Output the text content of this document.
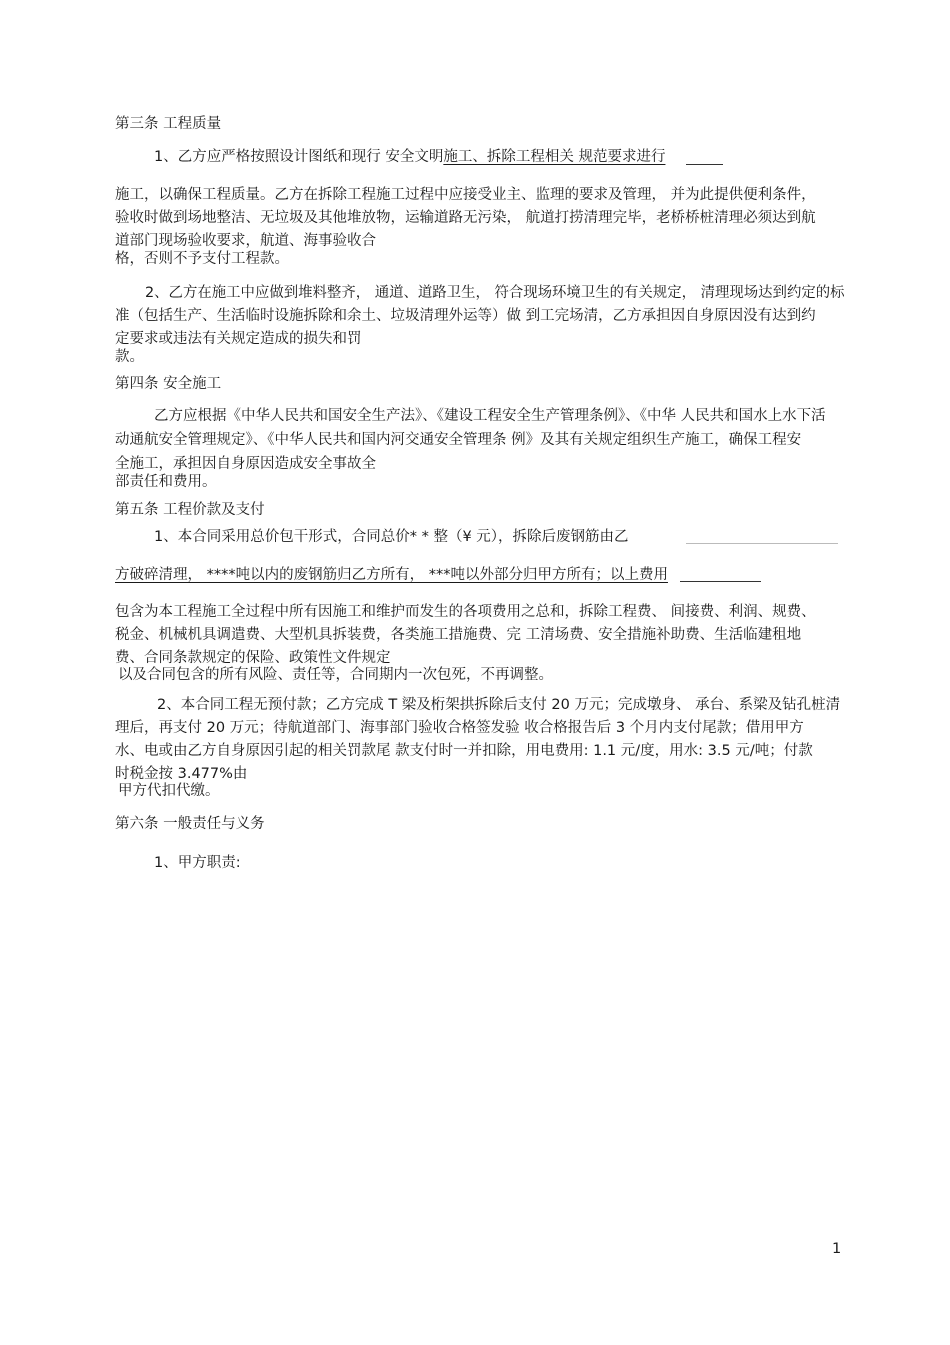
第三条 工程质量
1、乙方应严格按照设计图纸和现行 安全文明施工、拆除工程相关 规范要求进行
施工，以确保工程质量。乙方在拆除工程施工过程中应接受业主、监理的要求及管理， 并为此提供便利条件，
验收时做到场地整洁、无垃圾及其他堆放物，运输道路无污染， 航道打捞清理完毕，老桥桥桩清理必须达到航
道部门现场验收要求，航道、海事验收合
格，否则不予支付工程款。
2、乙方在施工中应做到堆料整齐， 通道、道路卫生， 符合现场环境卫生的有关规定， 清理现场达到约定的标
准（包括生产、生活临时设施拆除和余土、垃圾清理外运等）做 到工完场清，乙方承担因自身原因没有达到约
定要求或违法有关规定造成的损失和罚
款。
第四条 安全施工
乙方应根据《中华人民共和国安全生产法》、《建设工程安全生产管理条例》、《中华 人民共和国水上水下活
动通航安全管理规定》、《中华人民共和国内河交通安全管理条 例》及其有关规定组织生产施工，确保工程安
全施工，承担因自身原因造成安全事故全
部责任和费用。
第五条 工程价款及支付
1、本合同采用总价包干形式，合同总价* * 整（¥ 元），拆除后废钢筋由乙
方破碎清理， ****吨以内的废钢筋归乙方所有， ***吨以外部分归甲方所有；以上费用
包含为本工程施工全过程中所有因施工和维护而发生的各项费用之总和，拆除工程费、 间接费、利润、规费、
税金、机械机具调遣费、大型机具拆装费，各类施工措施费、完 工清场费、安全措施补助费、生活临建租地
费、合同条款规定的保险、政策性文件规定
以及合同包含的所有风险、责任等，合同期内一次包死，不再调整。
2、本合同工程无预付款；乙方完成 T 梁及桁架拱拆除后支付 20 万元；完成墩身、 承台、系梁及钻孔桩清
理后，再支付 20 万元；待航道部门、海事部门验收合格签发验 收合格报告后 3 个月内支付尾款；借用甲方
水、电或由乙方自身原因引起的相关罚款尾 款支付时一并扣除，用电费用: 1.1 元/度，用水: 3.5 元/吨；付款
时税金按 3.477%由
甲方代扣代缴。
第六条 一般责任与义务
1、甲方职责:
1
